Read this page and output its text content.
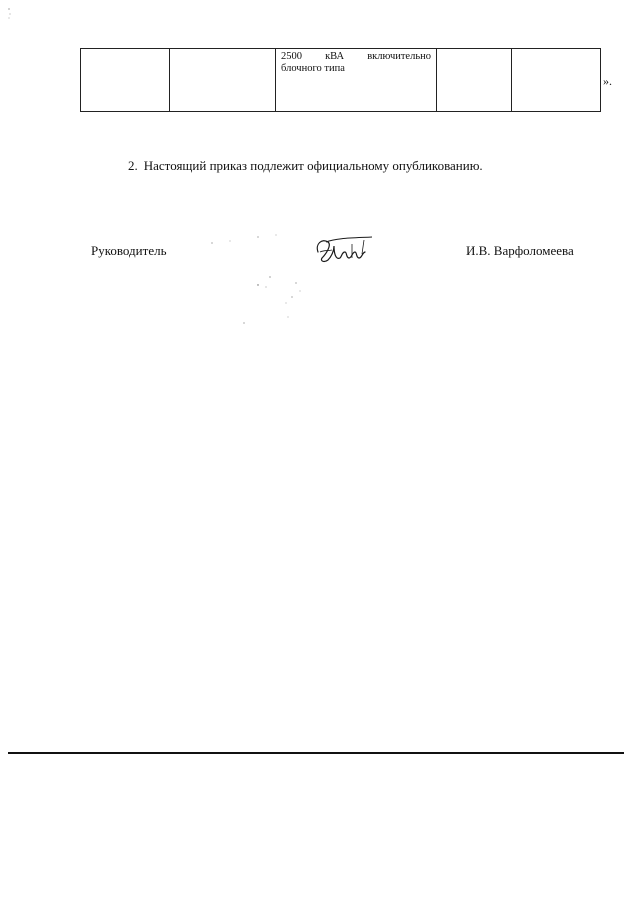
2500 кВА включительно
блочного типа

».
2. Настоящий приказ подлежит официальному опубликованию.
Руководитель	И.В. Варфоломеева
